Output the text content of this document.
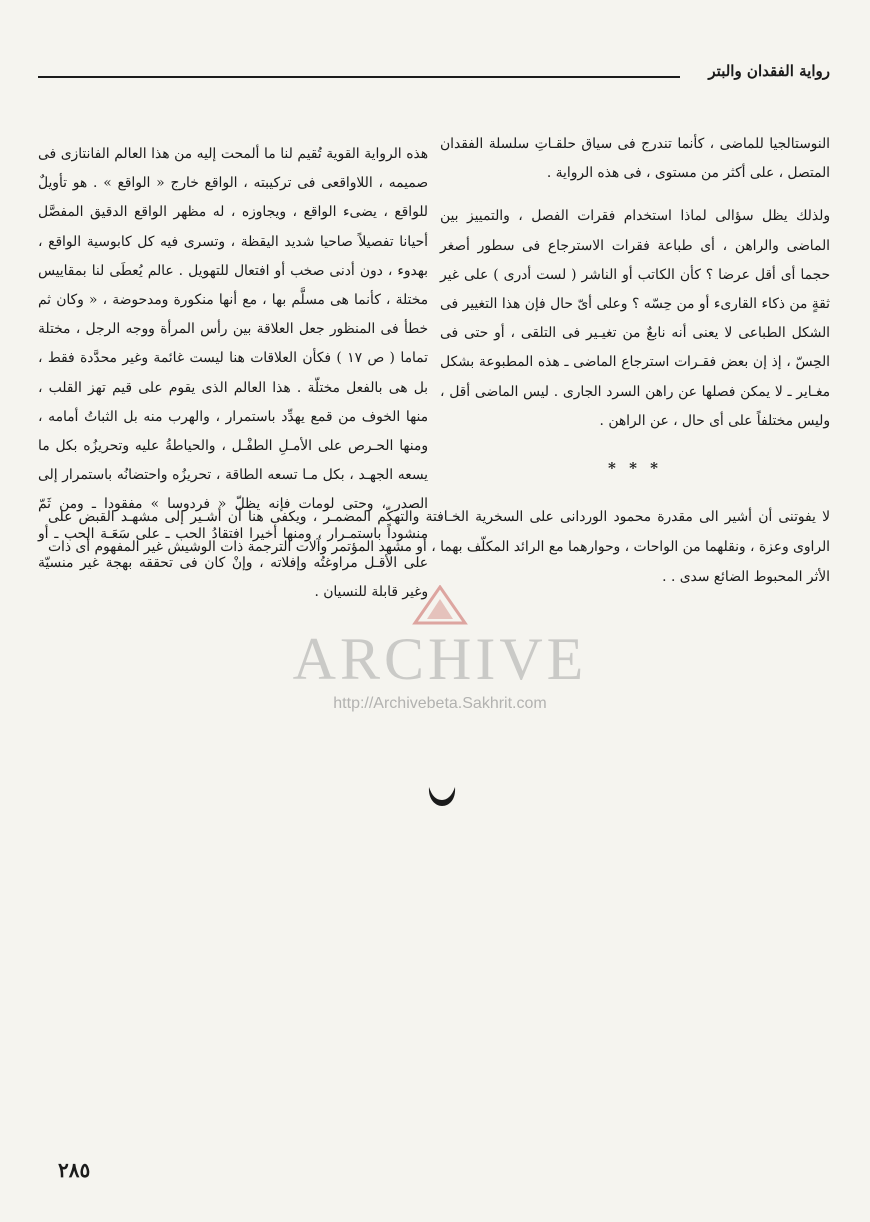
رواية الفقدان والبتر

النوستالجيا للماضى ، كأنما تندرج فى سياق حلقـاتِ سلسلة الفقدان المتصل ، على أكثر من مستوى ، فى هذه الرواية .

ولذلك يظل سؤالى لماذا استخدام فقرات الفصل ، والتمييز بين الماضى والراهن ، أى طباعة فقرات الاسترجاع فى سطور أصغر حجما أى أقل عرضا ؟ كأن الكاتب أو الناشر ( لست أدرى ) على غير ثقةٍ من ذكاء القارىء أو من حِسّه ؟ وعلى أىّ حال فإن هذا التغيير فى الشكل الطباعى لا يعنى أنه نابعٌ من تغيـير فى التلقى ، أو حتى فى الحِسّ ، إذ إن بعض فقـرات استرجاع الماضى ـ هذه المطبوعة بشكل مغـاير ـ لا يمكن فصلها عن راهن السرد الجارى . ليس الماضى أقل ، وليس مختلفاً على أى حال ، عن الراهن .

* * *

هذه الرواية القوية تُقيم لنا ما ألمحت إليه من هذا العالم الفانتازى فى صميمه ، اللاواقعى فى تركيبته ، الواقع خارج « الواقع » . هو تأويلٌ للواقع ، يضىء الواقع ، ويجاوزه ، له مظهر الواقع الدقيق المفصَّل أحيانا تفصيلاً صاحيا شديد اليقظة ، وتسرى فيه كل كابوسية الواقع ، بهدوء ، دون أدنى صخب أو افتعال للتهويل . عالم يُعطَى لنا بمقاييس مختلة ، كأنما هى مسلَّم بها ، مع أنها منكورة ومدحوضة ، « وكان ثم خطأ فى المنظور جعل العلاقة بين رأس المرأة ووجه الرجل ، مختلة تماما ( ص ١٧ ) فكأن العلاقات هنا ليست غائمة وغير محدَّدة فقط ، بل هى بالفعل مختلّة . هذا العالم الذى يقوم على قيم تهز القلب ، منها الخوف من قمع يهدِّد باستمرار ، والهرب منه بل الثباتُ أمامه ، ومنها الحـرص على الأمـلِ الطفْـل ، والحياطةُ عليه وتحريزُه بكل ما يسعه الجهـد ، بكل مـا تسعه الطاقة ، تحريزُه واحتضانُه باستمرار إلى الصدر ، وحتى لومات فإنه يظلّ « فردوسا » مفقودا ـ ومن ثَمّ منشوداً باستمـرار ، ومنها أخيرا افتقادُ الحب ـ على سَعَـة الحب ـ أو على الأقـل مراوغتُه وإفلاته ، وإنْ كان فى تحققه بهجة غير منسيّة وغير قابلة للنسيان .

لا يفوتنى أن أشير الى مقدرة محمود الوردانى على السخرية الخـافتة والتهكّم المضمـر ، ويكفى هنا أن أشـير إلى مشهـد القبض على الراوى وعزة ، ونقلهما من الواحات ، وحوارهما مع الرائد المكلّف بهما ، أو مشهد المؤتمر وآلات الترجمة ذات الوشيش غير المفهوم أى ذات الأثر المحبوط الضائع سدى . .
ARCHIVE
http://Archivebeta.Sakhrit.com
٢٨٥
